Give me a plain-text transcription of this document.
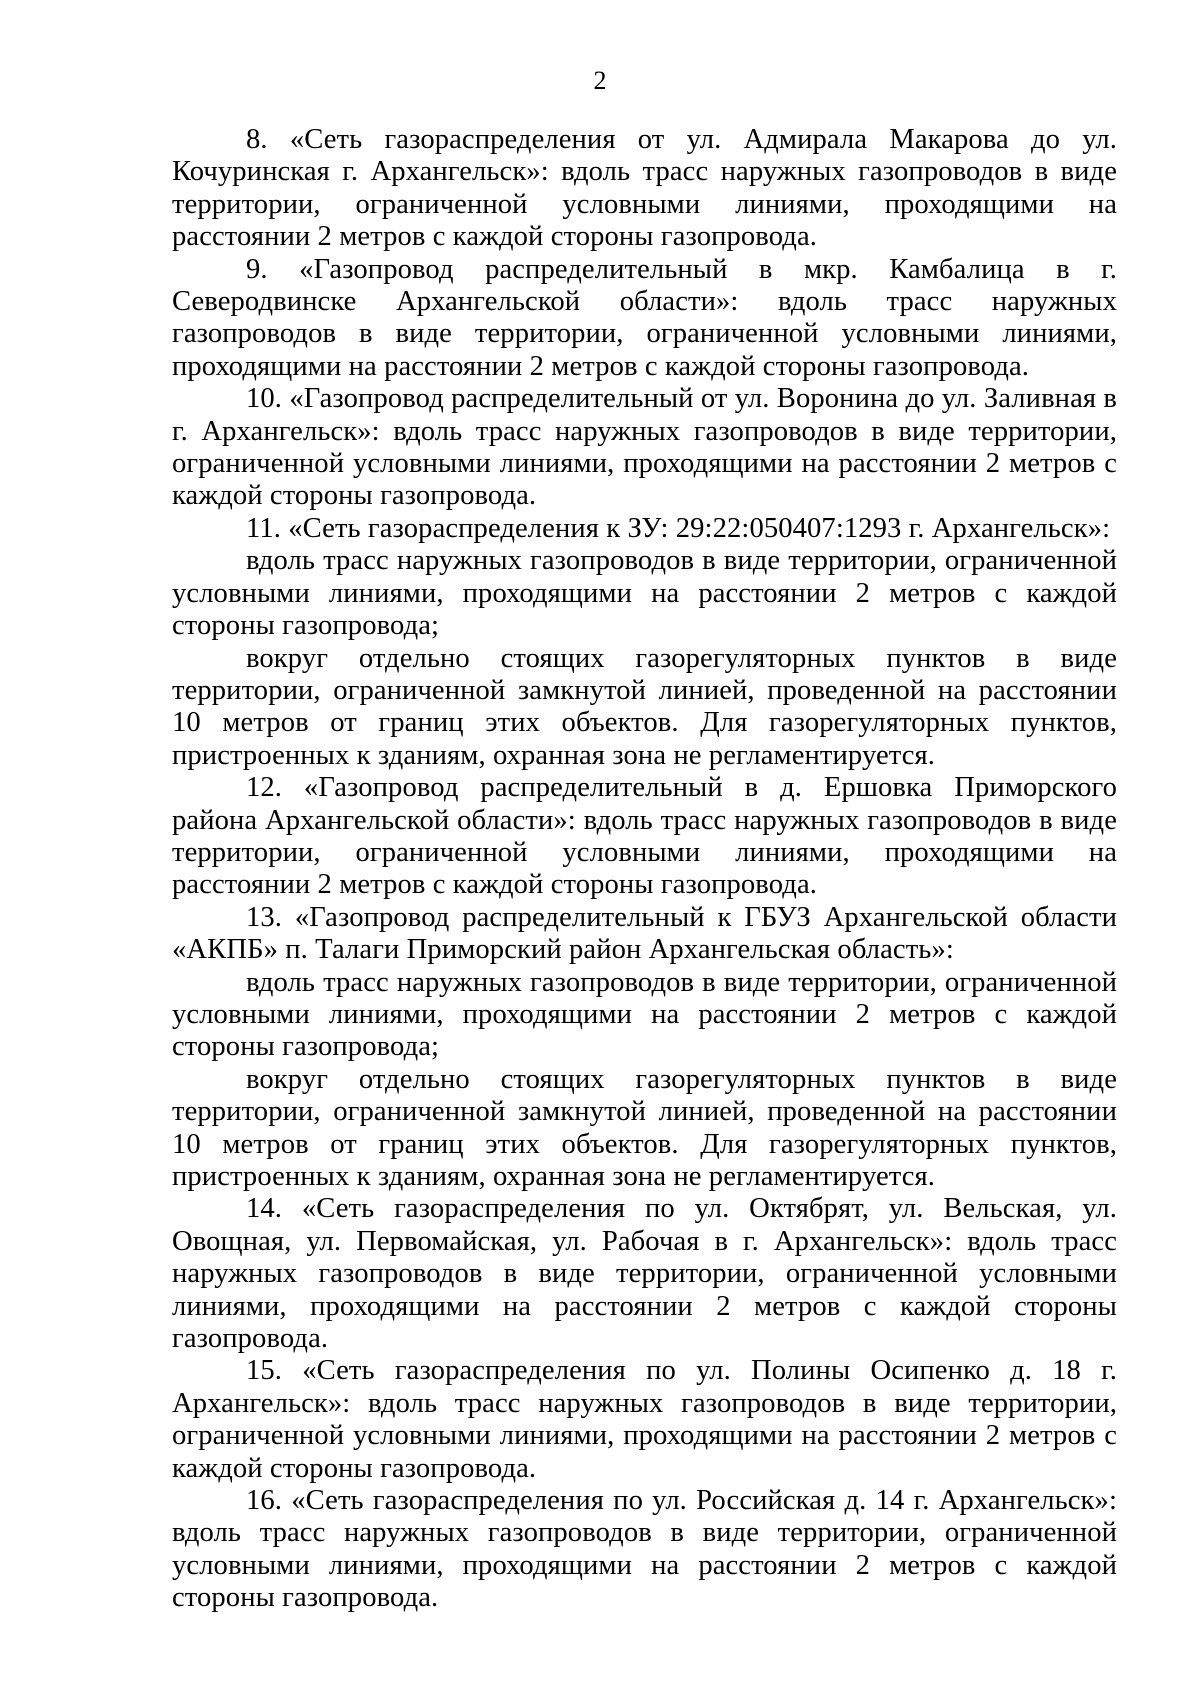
2

8. «Сеть газораспределения от ул. Адмирала Макарова до ул. Кочуринская г. Архангельск»: вдоль трасс наружных газопроводов в виде территории, ограниченной условными линиями, проходящими на расстоянии 2 метров с каждой стороны газопровода.

9. «Газопровод распределительный в мкр. Камбалица в г. Северодвинске Архангельской области»: вдоль трасс наружных газопроводов в виде территории, ограниченной условными линиями, проходящими на расстоянии 2 метров с каждой стороны газопровода.

10. «Газопровод распределительный от ул. Воронина до ул. Заливная в г. Архангельск»: вдоль трасс наружных газопроводов в виде территории, ограниченной условными линиями, проходящими на расстоянии 2 метров с каждой стороны газопровода.

11. «Сеть газораспределения к ЗУ: 29:22:050407:1293 г. Архангельск»:

вдоль трасс наружных газопроводов в виде территории, ограниченной условными линиями, проходящими на расстоянии 2 метров с каждой стороны газопровода;

вокруг отдельно стоящих газорегуляторных пунктов в виде территории, ограниченной замкнутой линией, проведенной на расстоянии 10 метров от границ этих объектов. Для газорегуляторных пунктов, пристроенных к зданиям, охранная зона не регламентируется.

12. «Газопровод распределительный в д. Ершовка Приморского района Архангельской области»: вдоль трасс наружных газопроводов в виде территории, ограниченной условными линиями, проходящими на расстоянии 2 метров с каждой стороны газопровода.

13. «Газопровод распределительный к ГБУЗ Архангельской области «АКПБ» п. Талаги Приморский район Архангельская область»:

вдоль трасс наружных газопроводов в виде территории, ограниченной условными линиями, проходящими на расстоянии 2 метров с каждой стороны газопровода;

вокруг отдельно стоящих газорегуляторных пунктов в виде территории, ограниченной замкнутой линией, проведенной на расстоянии 10 метров от границ этих объектов. Для газорегуляторных пунктов, пристроенных к зданиям, охранная зона не регламентируется.

14. «Сеть газораспределения по ул. Октябрят, ул. Вельская, ул. Овощная, ул. Первомайская, ул. Рабочая в г. Архангельск»: вдоль трасс наружных газопроводов в виде территории, ограниченной условными линиями, проходящими на расстоянии 2 метров с каждой стороны газопровода.

15. «Сеть газораспределения по ул. Полины Осипенко д. 18 г. Архангельск»: вдоль трасс наружных газопроводов в виде территории, ограниченной условными линиями, проходящими на расстоянии 2 метров с каждой стороны газопровода.

16. «Сеть газораспределения по ул. Российская д. 14 г. Архангельск»: вдоль трасс наружных газопроводов в виде территории, ограниченной условными линиями, проходящими на расстоянии 2 метров с каждой стороны газопровода.
